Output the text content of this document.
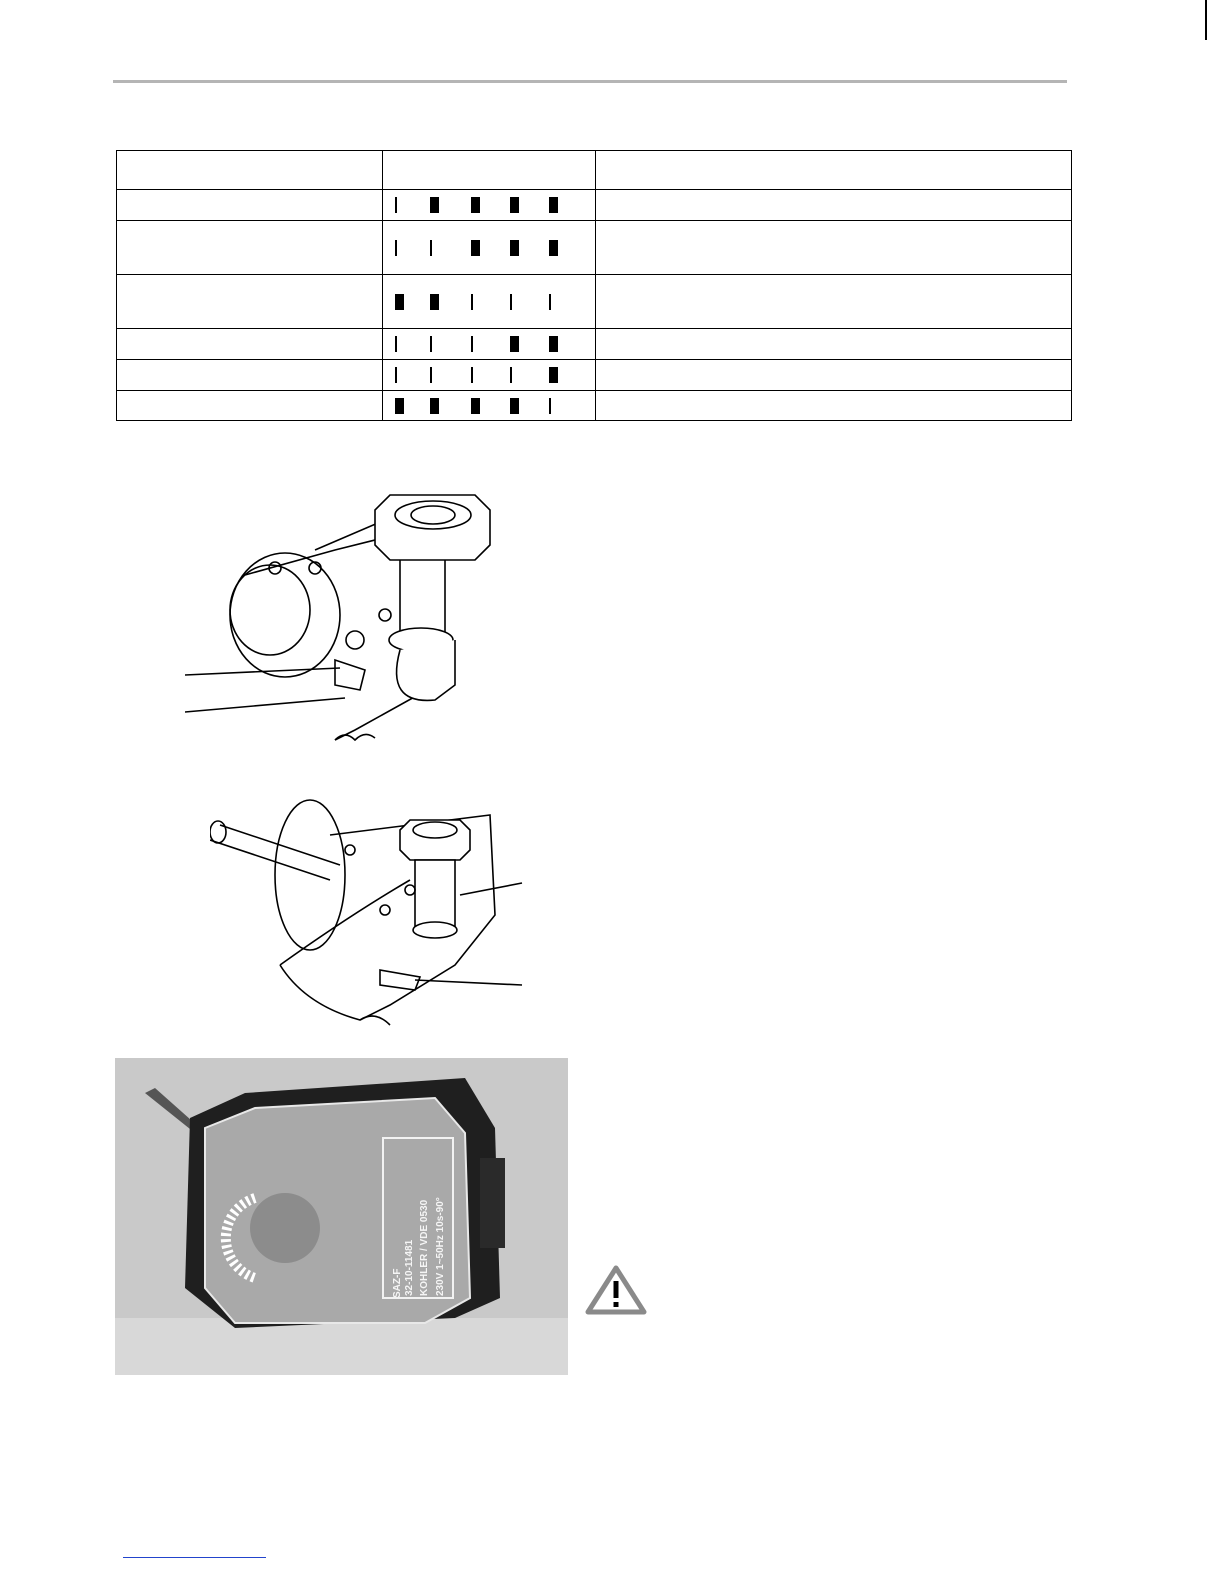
SAZ-F 32-10-11481 KOHLER / VDE 0530 230V 1~50Hz 10s-90°
